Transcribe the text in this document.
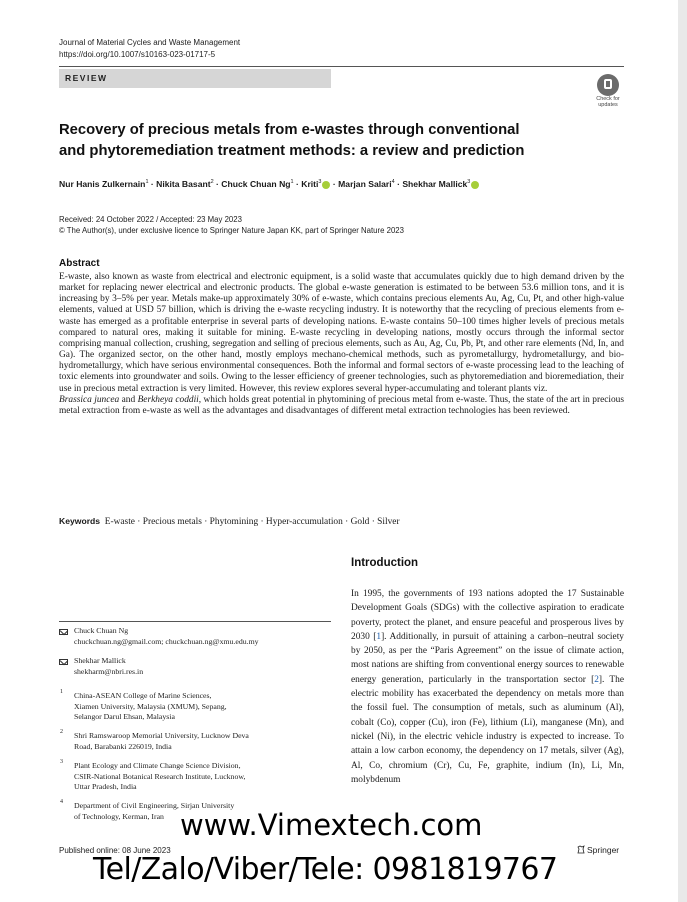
Journal of Material Cycles and Waste Management
https://doi.org/10.1007/s10163-023-01717-5
REVIEW
Check for
updates
Recovery of precious metals from e-wastes through conventional
and phytoremediation treatment methods: a review and prediction
Nur Hanis Zulkernain$^1$ · Nikita Basant$^2$ · Chuck Chuan $Ng^1$ · Kriti$^3$ · Marjan Salari$^4$ · Shekhar Mallick$^3$
Received: 24 October 2022 / Accepted: 23 May 2023
© The Author(s), under exclusive licence to Springer Nature Japan KK, part of Springer Nature 2023
Abstract
E-waste, also known as waste from electrical and electronic equipment, is a solid waste that accumulates quickly due to high demand driven by the market for replacing newer electrical and electronic products. The global e-waste generation is estimated to be between 53.6 million tons, and it is increasing by 3–5% per year. Metals make-up approximately 30% of e-waste, which contains precious elements Au, Ag, Cu, Pt, and other high-value elements, valued at USD 57 billion, which is driving the e-waste recycling industry. It is noteworthy that the recycling of precious elements from e-waste has emerged as a profitable enterprise in several parts of developing nations. E-waste contains 50–100 times higher levels of precious metals compared to natural ores, making it suitable for mining. E-waste recycling in developing nations, mostly occurs through the informal sector comprising manual collection, crushing, segregation and selling of precious elements, such as Au, Ag, Cu, Pb, Pt, and other rare elements (Nd, In, and Ga). The organized sector, on the other hand, mostly employs mechano-chemical methods, such as pyrometallurgy, hydrometallurgy, and bio-hydrometallurgy, which have serious environmental consequences. Both the informal and formal sectors of e-waste processing lead to the leaching of toxic elements into groundwater and soils. Owing to the lesser efficiency of greener technologies, such as phytoremediation and bioremediation, their use in precious metal extraction is very limited. However, this review explores several hyper-accumulating and tolerant plants viz.
Brassica juncea and Berkheya coddii, which holds great potential in phytomining of precious metal from e-waste. Thus, the state of the art in precious metal extraction from e-waste as well as the advantages and disadvantages of different metal extraction technologies has been reviewed.
Keywords E-waste · Precious metals · Phytomining · Hyper-accumulation · Gold · Silver
Introduction
In 1995, the governments of 193 nations adopted the 17 Sustainable Development Goals (SDGs) with the collective aspiration to eradicate poverty, protect the planet, and ensure peaceful and prosperous lives by 2030 [1]. Additionally, in pursuit of attaining a carbon–neutral society by 2050, as per the “Paris Agreement” on the issue of climate action, most nations are shifting from conventional energy sources to renewable energy generation, particularly in the transportation sector [2]. The electric mobility has exacerbated the dependency on metals more than the fossil fuel. The consumption of metals, such as aluminum (Al), cobalt (Co), copper (Cu), iron (Fe), lithium (Li), manganese (Mn), and nickel (Ni), in the electric vehicle industry is expected to increase. To attain a low carbon economy, the dependency on 17 metals, silver (Ag), Al, Co, chromium (Cr), Cu, Fe, graphite, indium (In), Li, Mn, molybdenum
Chuck Chuan Ng
chuckchuan.ng@gmail.com; chuckchuan.ng@xmu.edu.my
Shekhar Mallick
shekharm@nbri.res.in
1 China-ASEAN College of Marine Sciences,
Xiamen University, Malaysia (XMUM), Sepang,
Selangor Darul Ehsan, Malaysia
2 Shri Ramswaroop Memorial University, Lucknow Deva
Road, Barabanki 226019, India
3 Plant Ecology and Climate Change Science Division,
CSIR-National Botanical Research Institute, Lucknow,
Uttar Pradesh, India
4 Department of Civil Engineering, Sirjan University
of Technology, Kerman, Iran
Published online: 08 June 2023	Springer
www.Vimextech.com
Tel/Zalo/Viber/Tele: 0981819767
